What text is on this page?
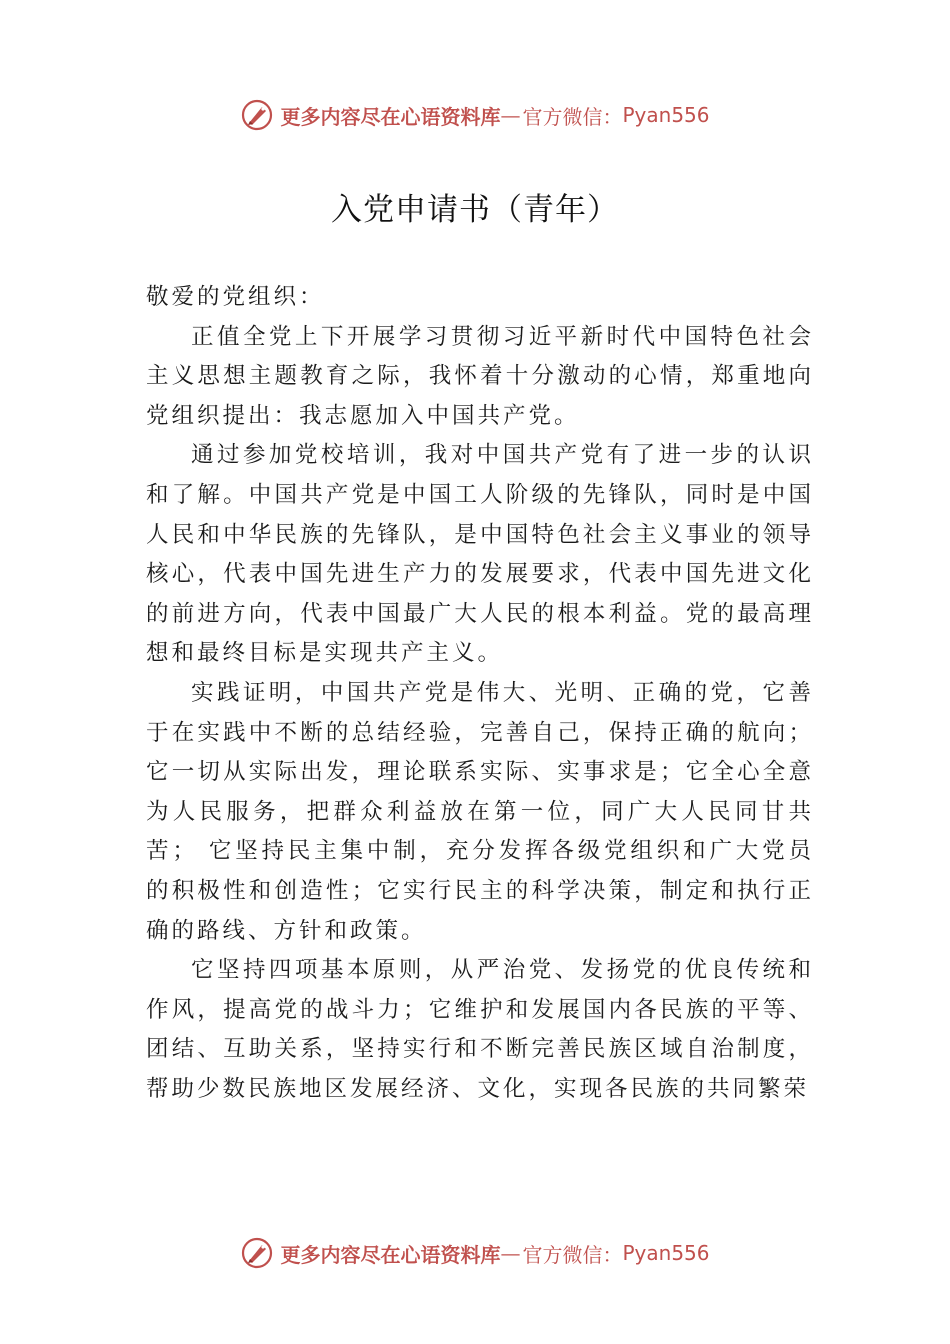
更多内容尽在心语资料库 — 官方微信： Pyan556
入党申请书（青年）

敬爱的党组织：

正值全党上下开展学习贯彻习近平新时代中国特色社会主义思想主题教育之际，我怀着十分激动的心情，郑重地向党组织提出：我志愿加入中国共产党。

通过参加党校培训，我对中国共产党有了进一步的认识和了解。中国共产党是中国工人阶级的先锋队，同时是中国人民和中华民族的先锋队，是中国特色社会主义事业的领导核心，代表中国先进生产力的发展要求，代表中国先进文化的前进方向，代表中国最广大人民的根本利益。党的最高理想和最终目标是实现共产主义。

实践证明，中国共产党是伟大、光明、正确的党，它善于在实践中不断的总结经验，完善自己，保持正确的航向； 它一切从实际出发，理论联系实际、实事求是；它全心全意为人民服务，把群众利益放在第一位，同广大人民同甘共苦； 它坚持民主集中制，充分发挥各级党组织和广大党员的积极性和创造性；它实行民主的科学决策，制定和执行正确的路线、方针和政策。

它坚持四项基本原则，从严治党、发扬党的优良传统和作风，提高党的战斗力；它维护和发展国内各民族的平等、 团结、互助关系，坚持实行和不断完善民族区域自治制度， 帮助少数民族地区发展经济、文化，实现各民族的共同繁荣

更多内容尽在心语资料库 — 官方微信： Pyan556
